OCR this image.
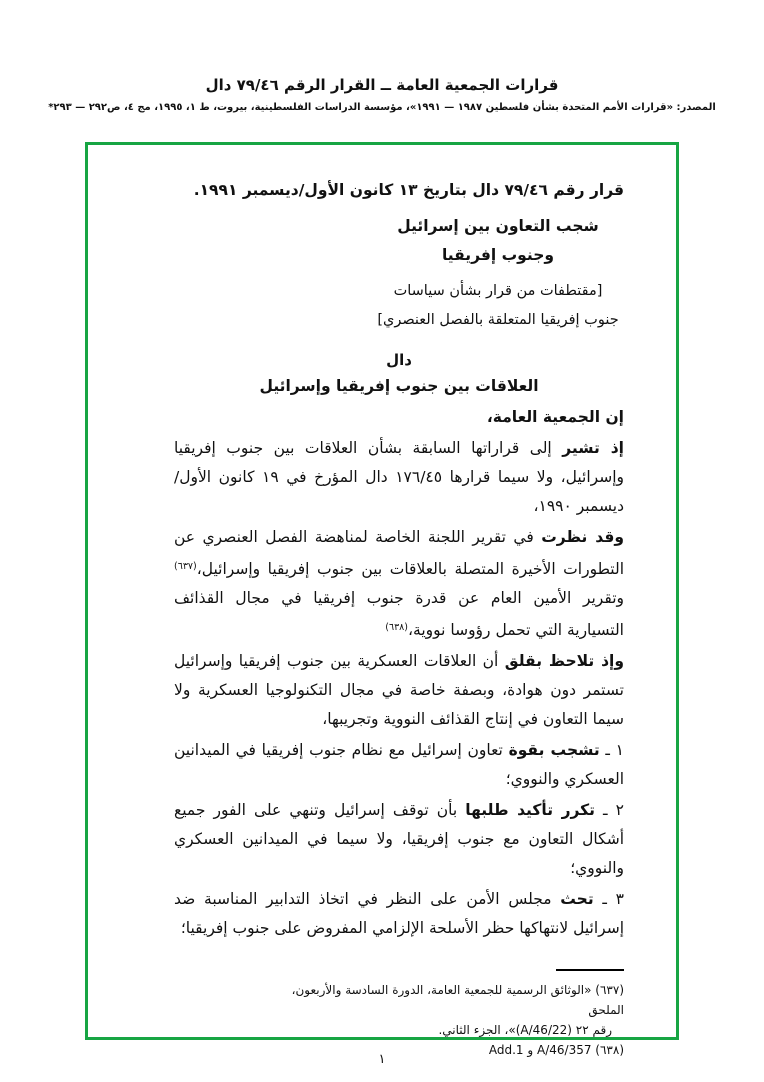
قرارات الجمعية العامة ــ القرار الرقم ٧٩/٤٦ دال
المصدر: «قرارات الأمم المتحدة بشأن فلسطين ١٩٨٧ — ١٩٩١»، مؤسسة الدراسات الفلسطينية، بيروت، ط ١، ١٩٩٥، مج ٤، ص٢٩٢ — ٢٩٣*
قرار رقم ٧٩/٤٦ دال بتاريخ ١٣ كانون الأول/ديسمبر ١٩٩١.
شجب التعاون بين إسرائيل وجنوب إفريقيا
[مقتطفات من قرار بشأن سياسات
جنوب إفريقيا المتعلقة بالفصل العنصري]
دال
العلاقات بين جنوب إفريقيا وإسرائيل

إن الجمعية العامة،

إذ تشير إلى قراراتها السابقة بشأن العلاقات بين جنوب إفريقيا وإسرائيل، ولا سيما قرارها ١٧٦/٤٥ دال المؤرخ في ١٩ كانون الأول/ديسمبر ١٩٩٠،

وقد نظرت في تقرير اللجنة الخاصة لمناهضة الفصل العنصري عن التطورات الأخيرة المتصلة بالعلاقات بين جنوب إفريقيا وإسرائيل،$^{(٦٣٧)}$ وتقرير الأمين العام عن قدرة جنوب إفريقيا في مجال القذائف التسيارية التي تحمل رؤوسا نووية،$^{(٦٣٨)}$

وإذ تلاحظ بقلق أن العلاقات العسكرية بين جنوب إفريقيا وإسرائيل تستمر دون هوادة، وبصفة خاصة في مجال التكنولوجيا العسكرية ولا سيما التعاون في إنتاج القذائف النووية وتجريبها،

١ ـ تشجب بقوة تعاون إسرائيل مع نظام جنوب إفريقيا في الميدانين العسكري والنووي؛

٢ ـ تكرر تأكيد طلبها بأن توقف إسرائيل وتنهي على الفور جميع أشكال التعاون مع جنوب إفريقيا، ولا سيما في الميدانين العسكري والنووي؛

٣ ـ تحث مجلس الأمن على النظر في اتخاذ التدابير المناسبة ضد إسرائيل لانتهاكها حظر الأسلحة الإلزامي المفروض على جنوب إفريقيا؛

(٦٣٧) «الوثائق الرسمية للجمعية العامة، الدورة السادسة والأربعون، الملحق
رقم ٢٢ (A/46/22)»، الجزء الثاني.
(٦٣٨) A/46/357 و Add.1
١
